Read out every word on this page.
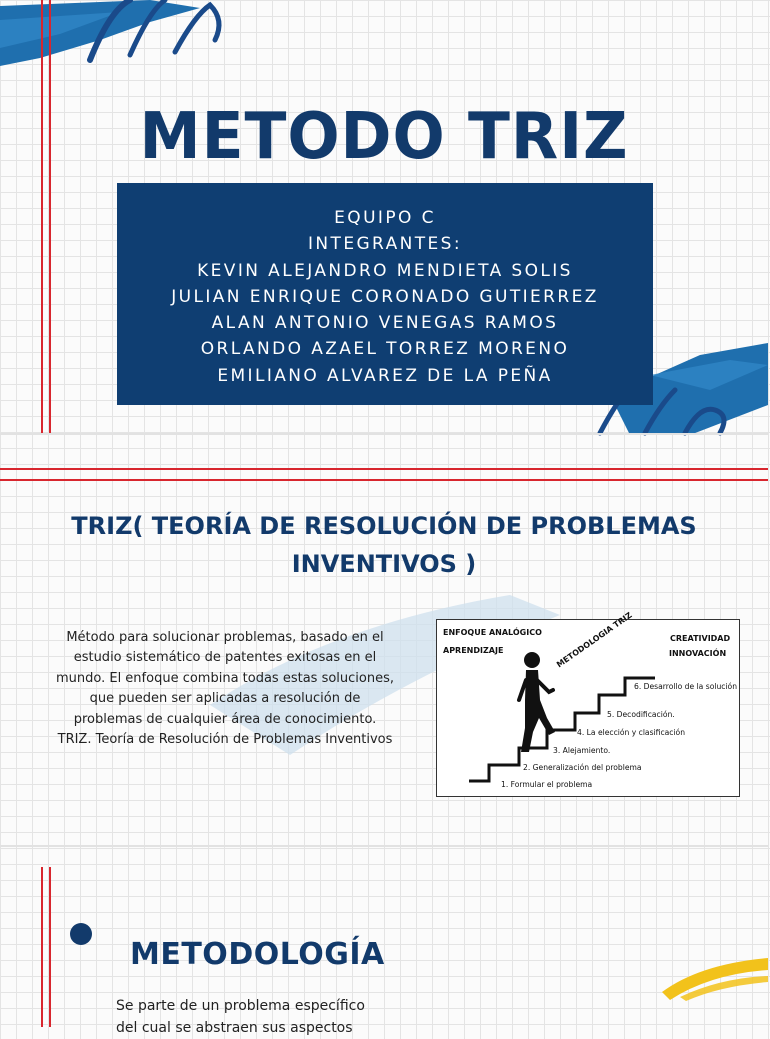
METODO TRIZ
EQUIPO C
INTEGRANTES:
KEVIN ALEJANDRO MENDIETA SOLIS
JULIAN ENRIQUE CORONADO GUTIERREZ
ALAN ANTONIO VENEGAS RAMOS
ORLANDO AZAEL TORREZ MORENO
EMILIANO ALVAREZ DE LA PEÑA
TRIZ( TEORÍA DE RESOLUCIÓN DE PROBLEMAS
INVENTIVOS )
Método para solucionar problemas, basado en el estudio sistemático de patentes exitosas en el mundo. El enfoque combina todas estas soluciones, que pueden ser aplicadas a resolución de problemas de cualquier área de conocimiento. TRIZ. Teoría de Resolución de Problemas Inventivos
ENFOQUE ANALÓGICO
APRENDIZAJE
CREATIVIDAD
INNOVACIÓN
METODOLOGIA TRIZ
1. Formular el problema
2. Generalización del problema
3. Alejamiento.
4. La elección y clasificación
5. Decodificación.
6. Desarrollo de la solución
METODOLOGÍA
Se parte de un problema específico del cual se abstraen sus aspectos
